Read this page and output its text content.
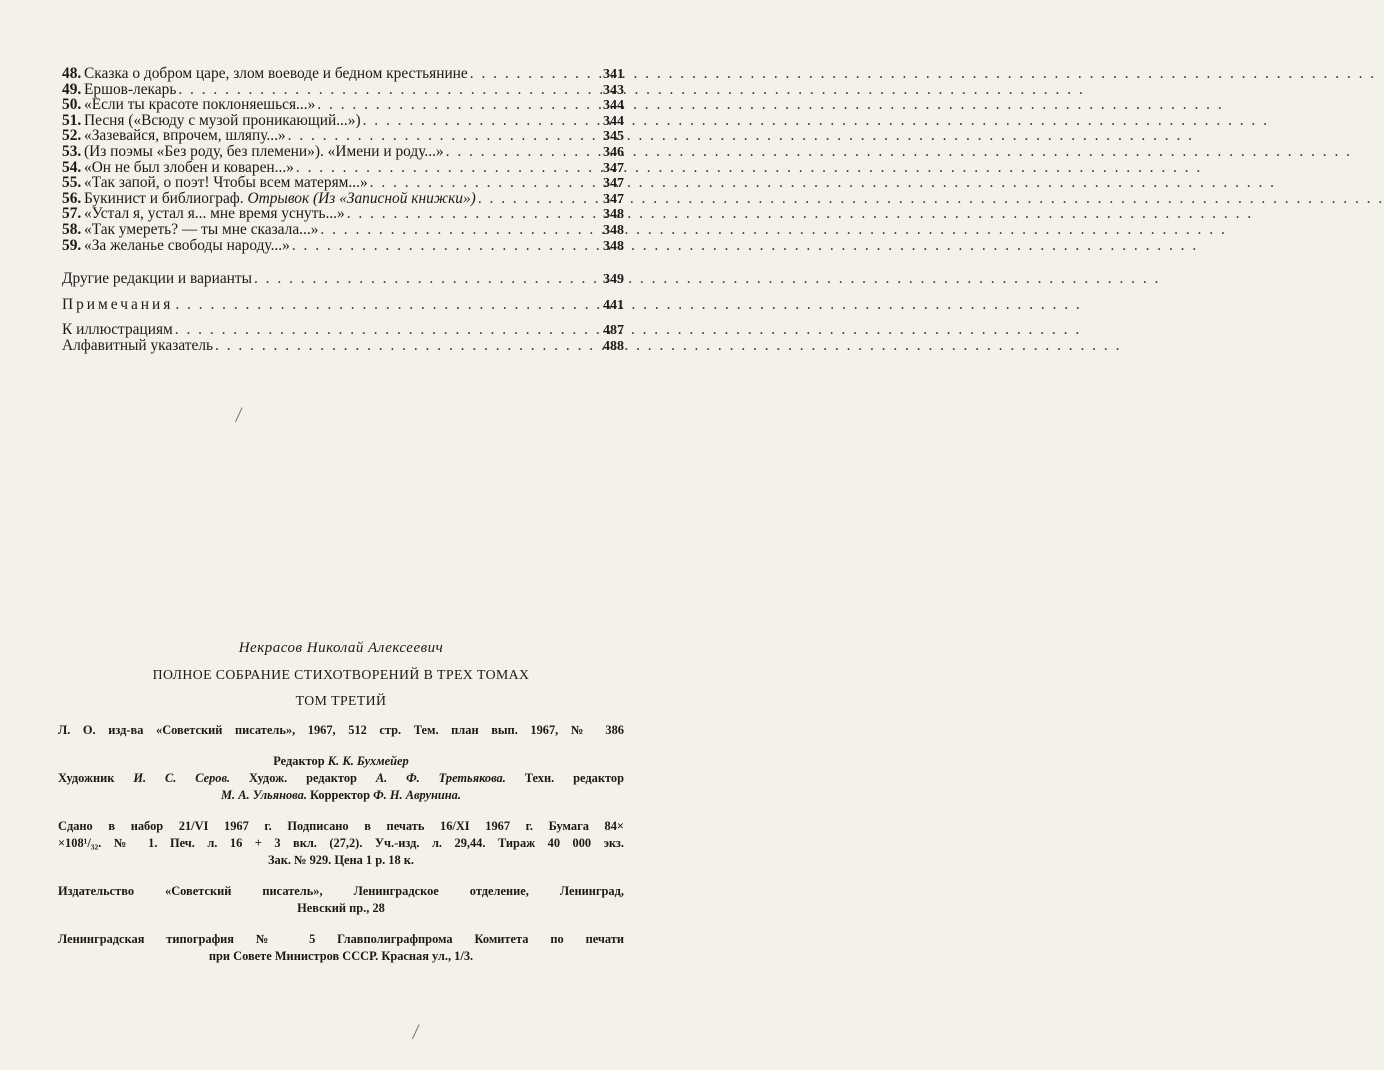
48. Сказка о добром царе, злом воеводе и бедном крестьянине . . .	341
49. Ершов-лекарь . . .	343
50. «Если ты красоте поклоняешься...» . . .	344
51. Песня («Всюду с музой проникающий...») . . .	344
52. «Зазевайся, впрочем, шляпу...» . . .	345
53. (Из поэмы «Без роду, без племени»). «Имени и роду...» . . .	346
54. «Он не был злобен и коварен...» . . .	347
55. «Так запой, о поэт! Чтобы всем матерям...» . . .	347
56. Букинист и библиограф. Отрывок (Из «Записной книжки») . . .	347
57. «Устал я, устал я... мне время уснуть...» . . .	348
58. «Так умереть? — ты мне сказала...» . . .	348
59. «За желанье свободы народу...» . . .	348
Другие редакции и варианты . . .	349
Примечания . . .	441
К иллюстрациям . . .	487
Алфавитный указатель . . .	488
Некрасов Николай Алексеевич
ПОЛНОЕ СОБРАНИЕ СТИХОТВОРЕНИЙ В ТРЕХ ТОМАХ
ТОМ ТРЕТИЙ
Л. О. изд-ва «Советский писатель», 1967, 512 стр. Тем. план вып. 1967, № 386
Редактор К. К. Бухмейер
Художник И. С. Серов. Худож. редактор А. Ф. Третьякова. Техн. редактор
М. А. Ульянова. Корректор Ф. Н. Аврунина.
Сдано в набор 21/VI 1967 г. Подписано в печать 16/XI 1967 г. Бумага 84×
×108¹/₃₂. № 1. Печ. л. 16 + 3 вкл. (27,2). Уч.-изд. л. 29,44. Тираж 40 000 экз.
Зак. № 929. Цена 1 р. 18 к.
Издательство «Советский писатель», Ленинградское отделение, Ленинград,
Невский пр., 28
Ленинградская типография № 5 Главполиграфпрома Комитета по печати
при Совете Министров СССР. Красная ул., 1/3.
